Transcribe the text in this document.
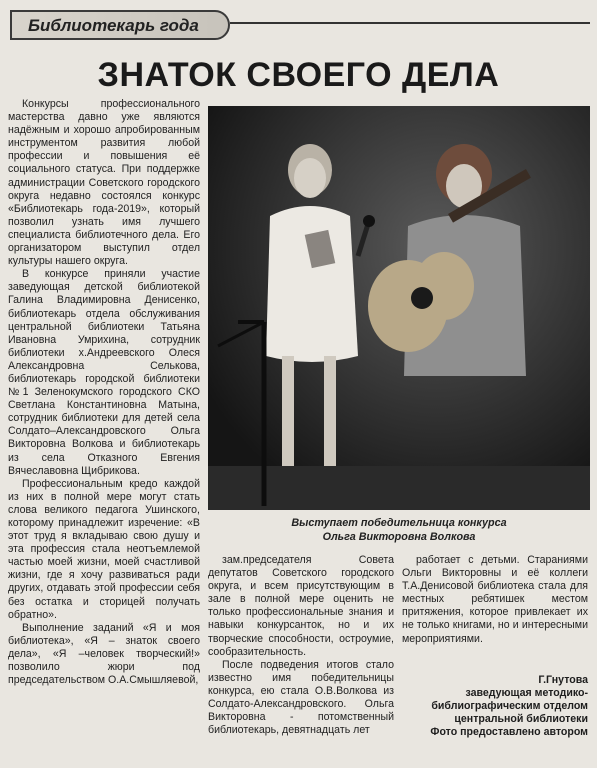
Библиотекарь года
ЗНАТОК СВОЕГО ДЕЛА

Конкурсы профессионального мастерства давно уже являются надёжным и хорошо апробированным инструментом развития любой профессии и повышения её социального статуса. При поддержке администрации Советского городского округа недавно состоялся конкурс «Библиотекарь года-2019», который позволил узнать имя лучшего специалиста библиотечного дела. Его организатором выступил отдел культуры нашего округа.

В конкурсе приняли участие заведующая детской библиотекой Галина Владимировна Денисенко, библиотекарь отдела обслуживания центральной библиотеки Татьяна Ивановна Умрихина, сотрудник библиотеки х.Андреевского Олеся Александровна Селькова, библиотекарь городской библиотеки №1 Зеленокумского городского СКО Светлана Константиновна Матына, сотрудник библиотеки для детей села Солдато–Александровского Ольга Викторовна Волкова и библиотекарь из села Отказного Евгения Вячеславовна Щибрикова.

Профессиональным кредо каждой из них в полной мере могут стать слова великого педагога Ушинского, которому принадлежит изречение: «В этот труд я вкладываю свою душу и эта профессия стала неотъемлемой частью моей жизни, моей счастливой жизни, где я хочу развиваться ради других, отдавать этой профессии себя без остатка и сторицей получать обратно».

Выполнение заданий «Я и моя библиотека», «Я – знаток своего дела», «Я –человек творческий!» позволило жюри под председательством О.А.Смышляевой,

Выступает победительница конкурса
Ольга Викторовна Волкова

зам.председателя Совета депутатов Советского городского округа, и всем присутствующим в зале в полной мере оценить не только профессиональные знания и навыки конкурсанток, но и их творческие способности, остроумие, сообразительность.

После подведения итогов стало известно имя победительницы конкурса, ею стала О.В.Волкова из Солдато-Александровского. Ольга Викторовна - потомственный библиотекарь, девятнадцать лет

работает с детьми. Стараниями Ольги Викторовны и её коллеги Т.А.Денисовой библиотека стала для местных ребятишек местом притяжения, которое привлекает их не только книгами, но и интересными мероприятиями.

Г.Гнутова
заведующая методико-библиографическим отделом центральной библиотеки
Фото предоставлено автором
